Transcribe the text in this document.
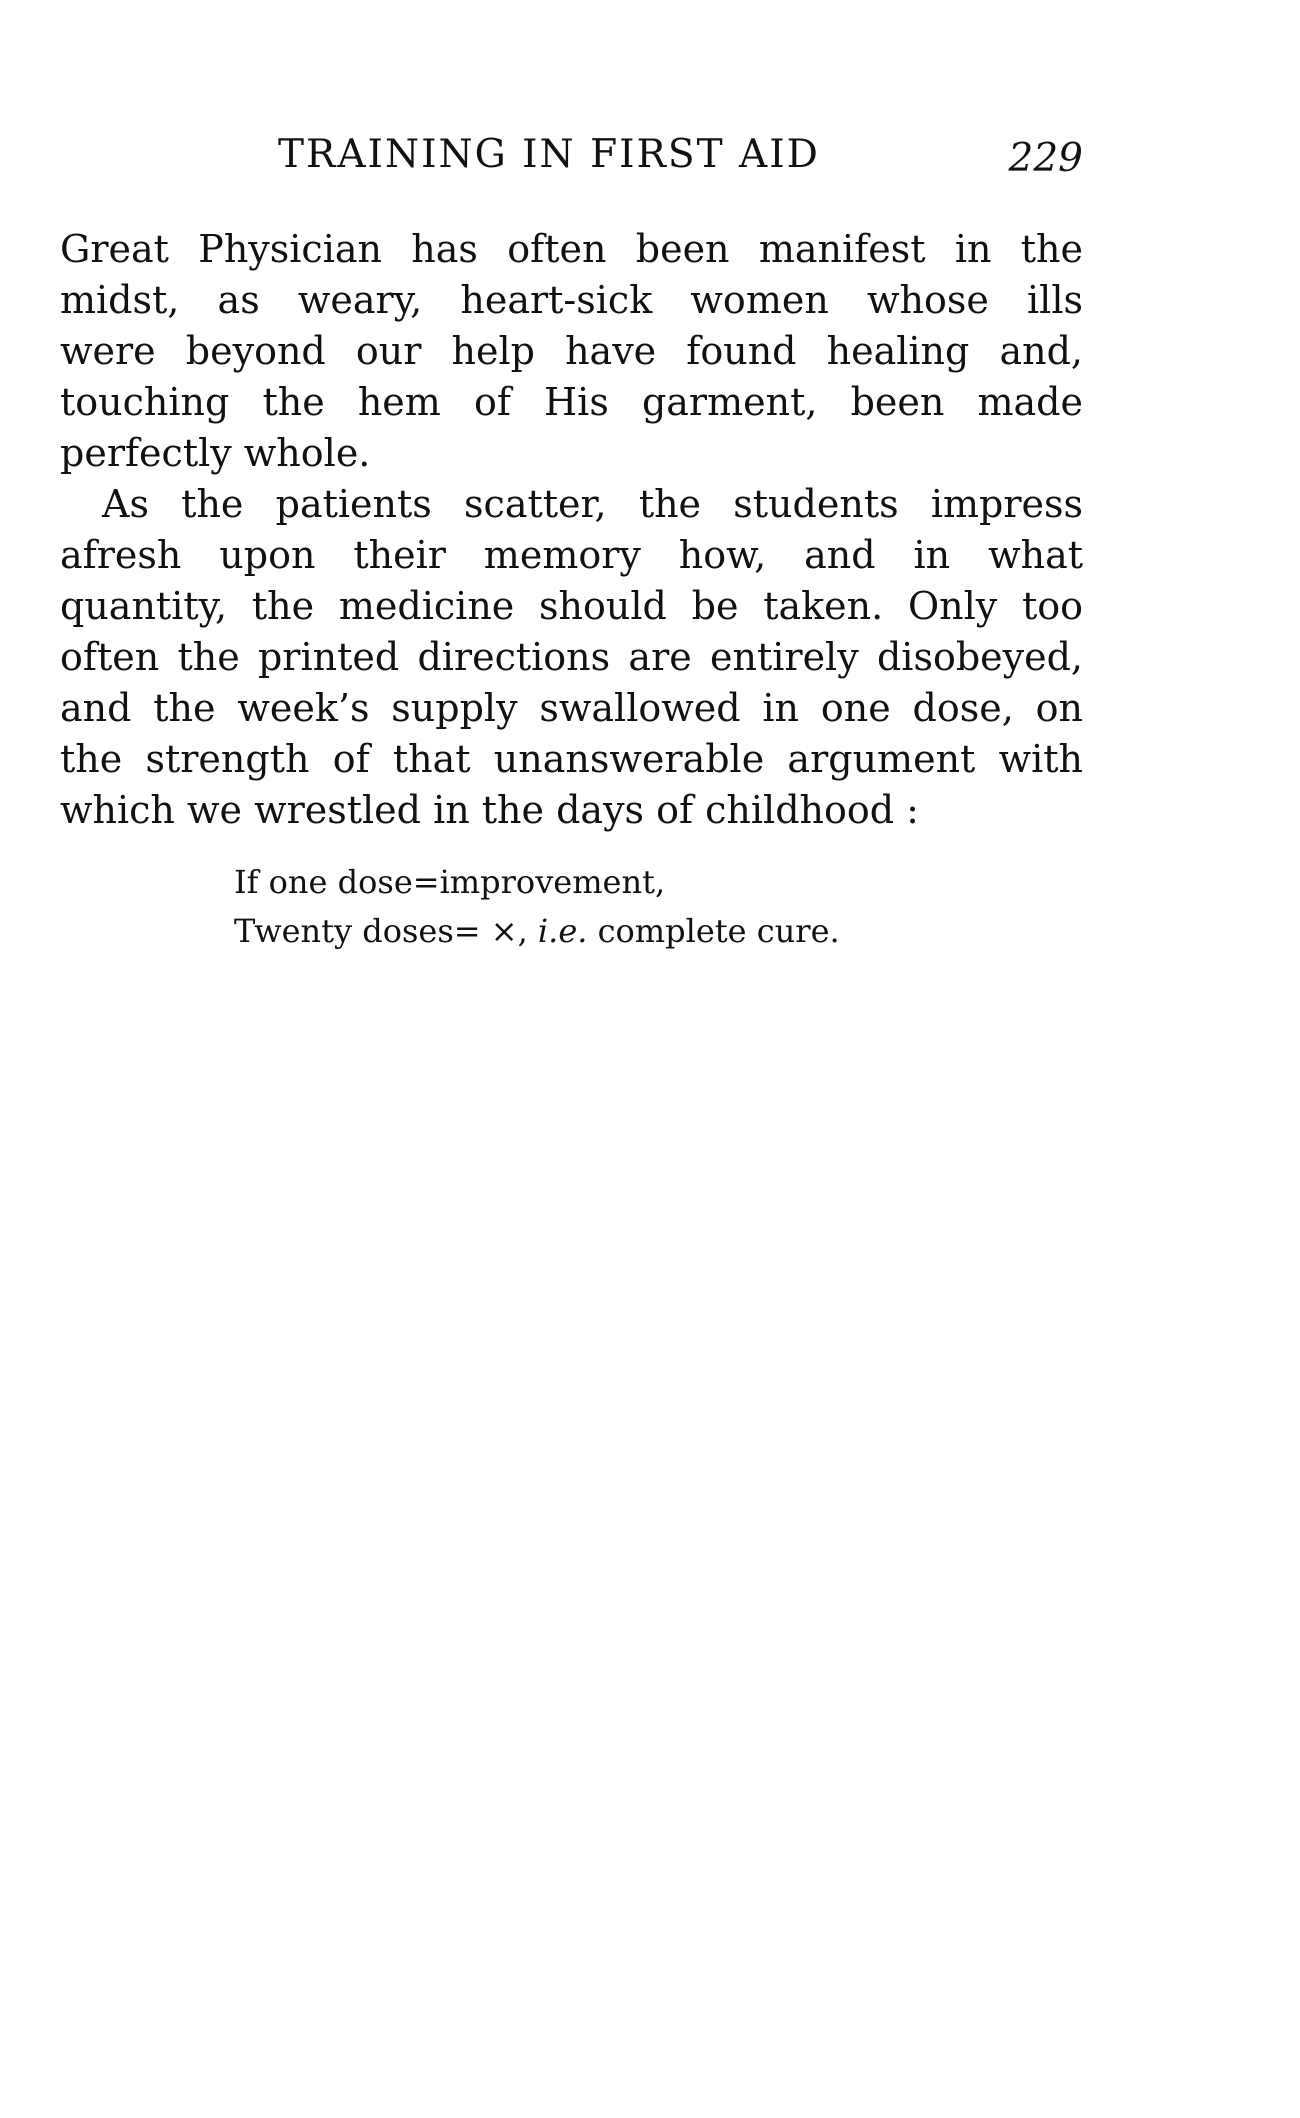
TRAINING IN FIRST AID	229
Great Physician has often been manifest in the
midst, as weary, heart-sick women whose ills
were beyond our help have found healing and,
touching the hem of His garment, been made
perfectly whole.
As the patients scatter, the students impress
afresh upon their memory how, and in what
quantity, the medicine should be taken. Only too
often the printed directions are entirely disobeyed,
and the week’s supply swallowed in one dose, on
the strength of that unanswerable argument with
which we wrestled in the days of childhood :
If one dose=improvement,
Twenty doses= ×, i.e. complete cure.
